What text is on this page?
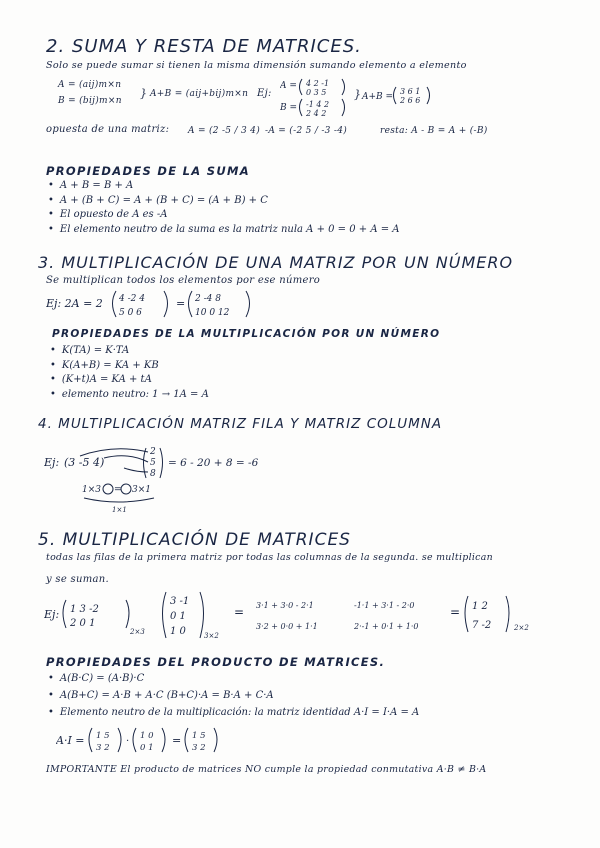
2. SUMA Y RESTA DE MATRICES.
Solo se puede sumar si tienen la misma dimensión sumando elemento a elemento
A = (aij)m×n
B = (bij)m×n
} A+B = (aij+bij)m×n Ej:
A = 4 2 -1
0 3 5
B = -1 4 2
2 4 2
} A+B =
3 6 1
2 6 6
opuesta de una matriz: A = (2 -5 / 3 4) -A = (-2 5 / -3 -4)	resta: A - B = A + (-B)
PROPIEDADES DE LA SUMA
• A + B = B + A
• A + (B + C) = A + (B + C) = (A + B) + C
• El opuesto de A es -A
• El elemento neutro de la suma es la matriz nula A + 0 = 0 + A = A
3. MULTIPLICACIÓN DE UNA MATRIZ POR UN NÚMERO
Se multiplican todos los elementos por ese número
Ej: 2A = 2 4 -2 4
5 0 6
= 2 -4 8
10 0 12
PROPIEDADES DE LA MULTIPLICACIÓN POR UN NÚMERO
• K(TA) = K·TA
• K(A+B) = KA + KB
• (K+t)A = KA + tA
• elemento neutro: 1 → 1A = A
4. MULTIPLICACIÓN MATRIZ FILA Y MATRIZ COLUMNA
Ej: (3 -5 4)
2
5
8
= 6 - 20 + 8 = -6
1×3 = 3×1
1×1
5. MULTIPLICACIÓN DE MATRICES
todas las filas de la primera matriz por todas las columnas de la segunda. se multiplican
y se suman.
Ej: 1 3 -2
2 0 1
2×3
3 -1
0 1
1 0	3×2
= 3·1 + 3·0 - 2·1	-1·1 + 3·1 - 2·0
3·2 + 0·0 + 1·1	2·-1 + 0·1 + 1·0
= 1 2
7 -2	2×2
PROPIEDADES DEL PRODUCTO DE MATRICES.
• A(B·C) = (A·B)·C
• A(B+C) = A·B + A·C (B+C)·A = B·A + C·A
• Elemento neutro de la multiplicación: la matriz identidad A·I = I·A = A
A·I = 1 5
3 2
· 1 0
0 1
= 1 5
3 2
IMPORTANTE El producto de matrices NO cumple la propiedad conmutativa A·B ≠ B·A
